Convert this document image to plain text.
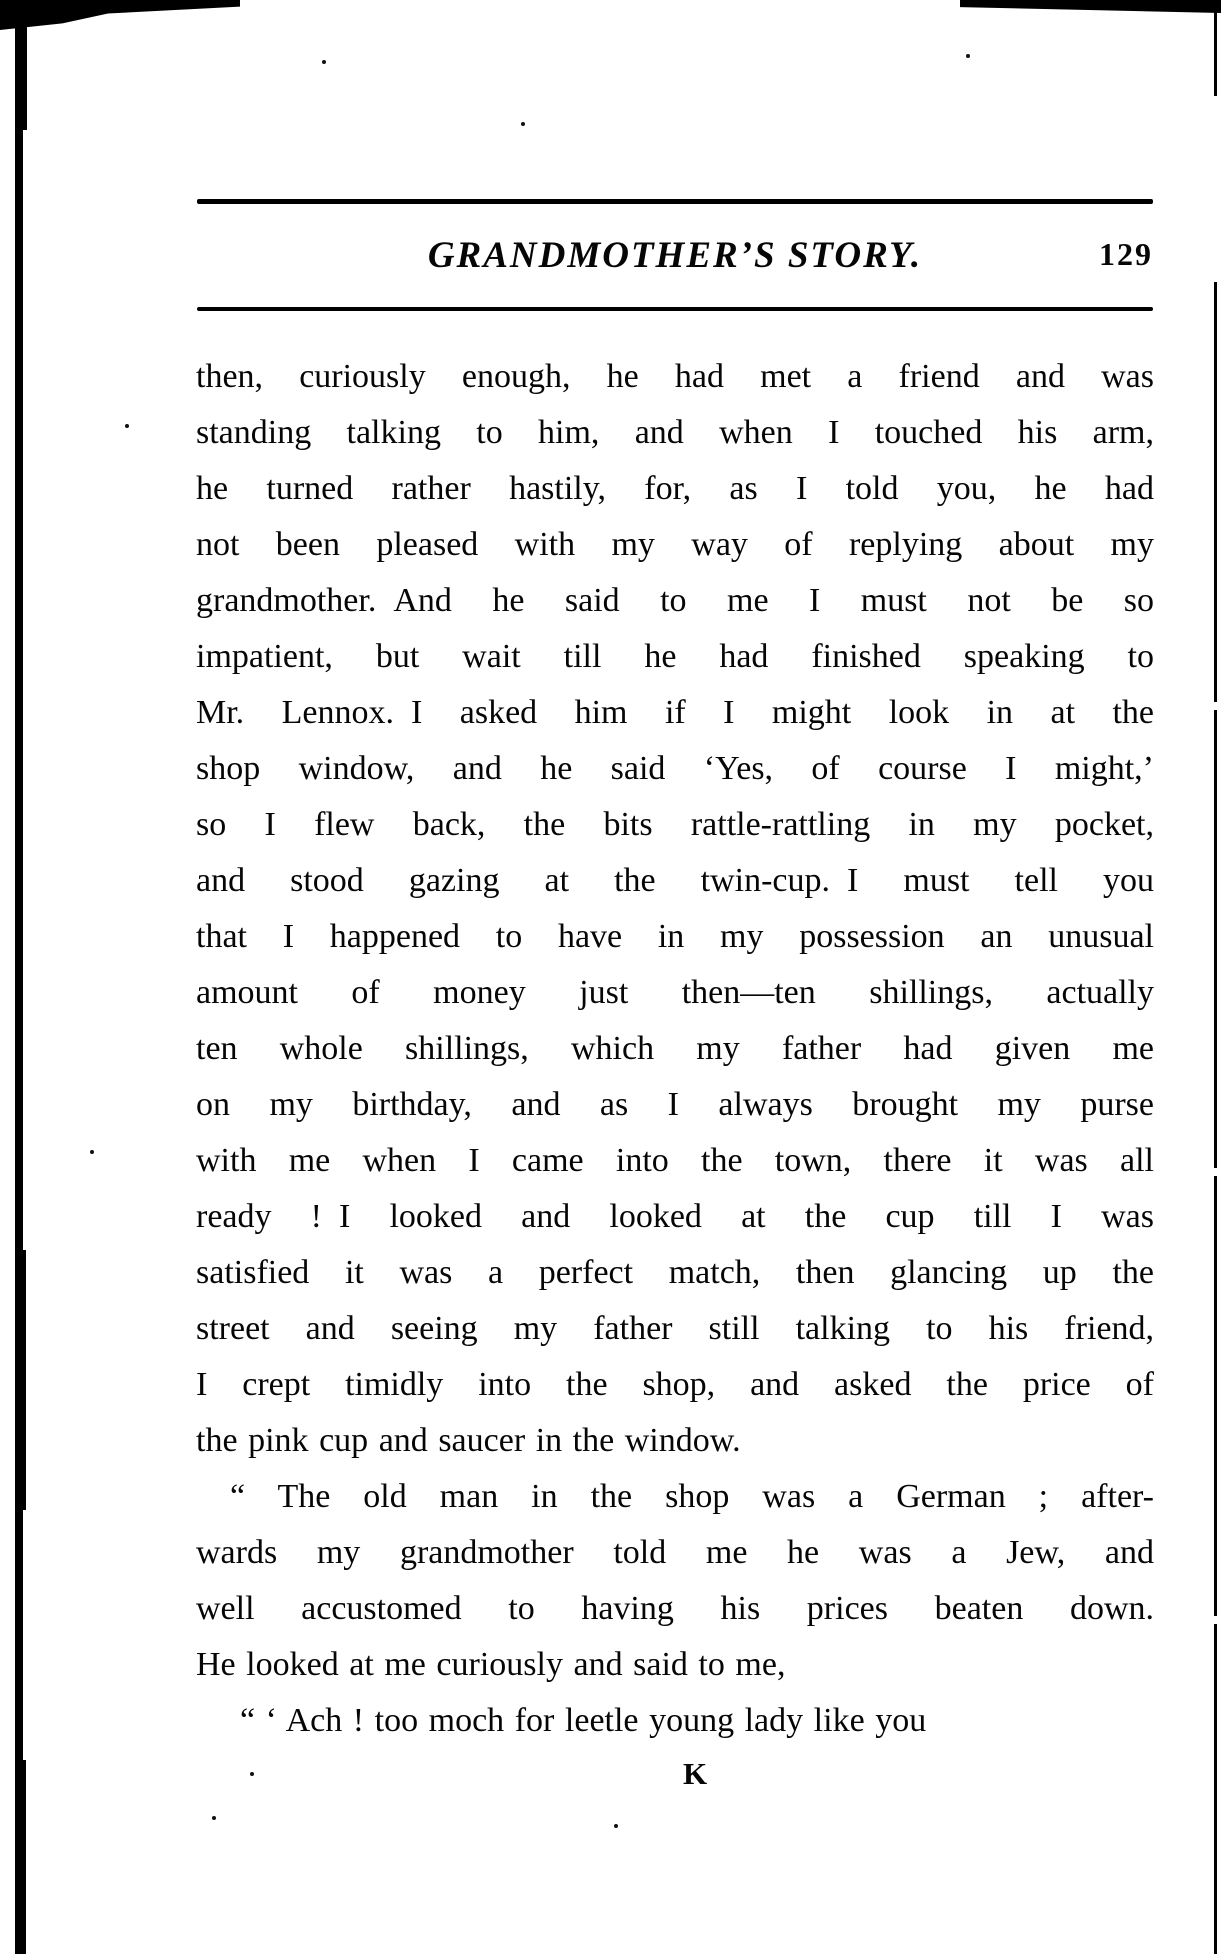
GRANDMOTHER’S STORY.	129
then, curiously enough, he had met a friend and was
standing talking to him, and when I touched his arm,
he turned rather hastily, for, as I told you, he had
not been pleased with my way of replying about my
grandmother. And he said to me I must not be so
impatient, but wait till he had finished speaking to
Mr. Lennox. I asked him if I might look in at the
shop window, and he said ‘Yes, of course I might,’
so I flew back, the bits rattle-rattling in my pocket,
and stood gazing at the twin-cup. I must tell you
that I happened to have in my possession an unusual
amount of money just then—ten shillings, actually
ten whole shillings, which my father had given me
on my birthday, and as I always brought my purse
with me when I came into the town, there it was all
ready ! I looked and looked at the cup till I was
satisfied it was a perfect match, then glancing up the
street and seeing my father still talking to his friend,
I crept timidly into the shop, and asked the price of
the pink cup and saucer in the window.
“ The old man in the shop was a German ; after-
wards my grandmother told me he was a Jew, and
well accustomed to having his prices beaten down.
He looked at me curiously and said to me,
“ ‘ Ach ! too moch for leetle young lady like you
K
